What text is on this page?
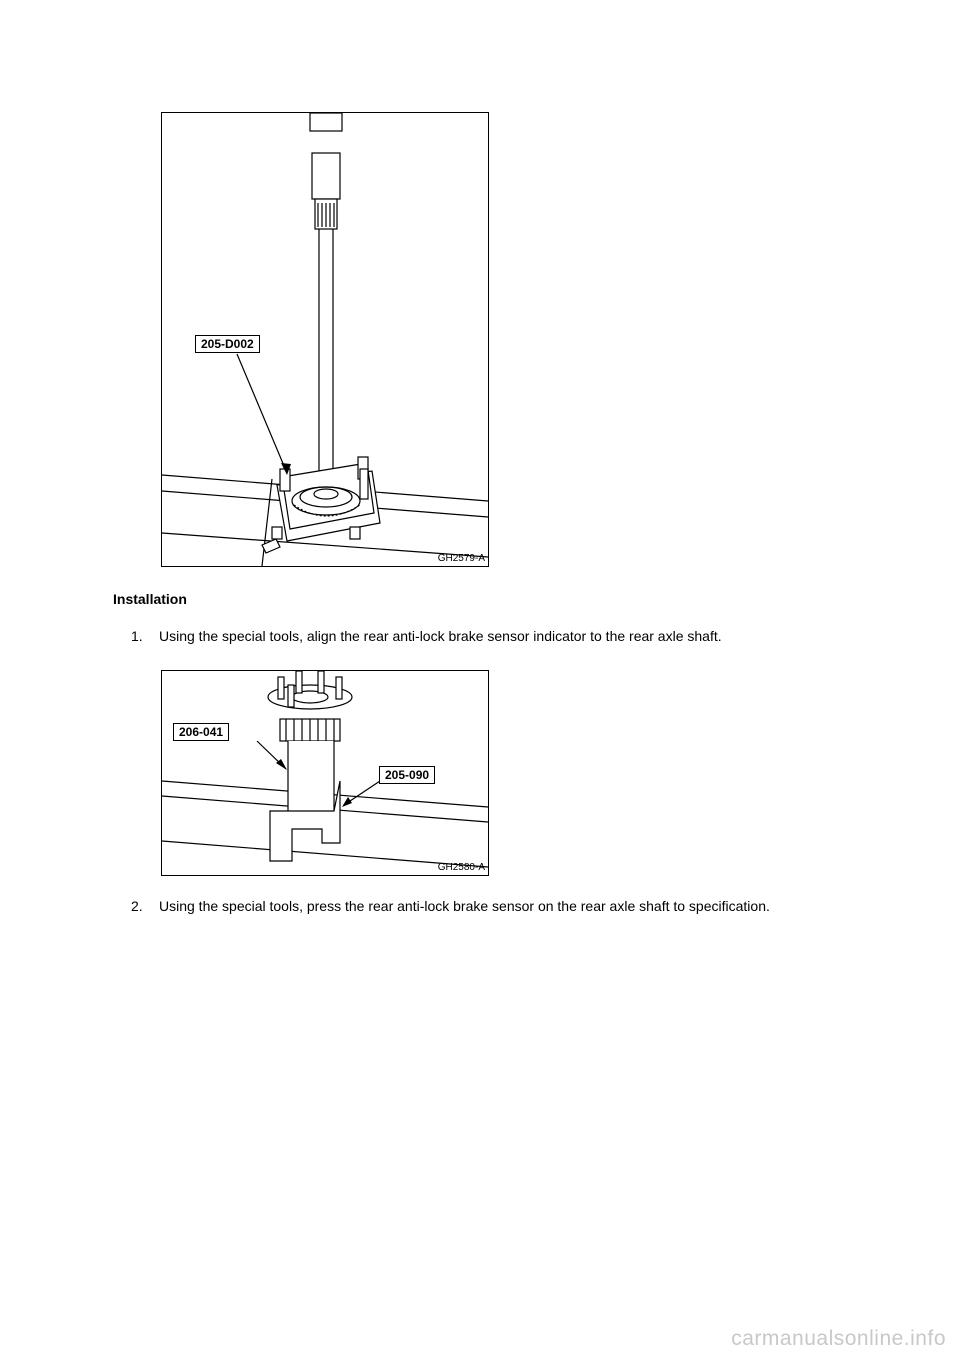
205-D002
GH2579-A
Installation
1. Using the special tools, align the rear anti-lock brake sensor indicator to the rear axle shaft.
206-041
205-090
GH2580-A
2. Using the special tools, press the rear anti-lock brake sensor on the rear axle shaft to specification.
carmanualsonline.info
